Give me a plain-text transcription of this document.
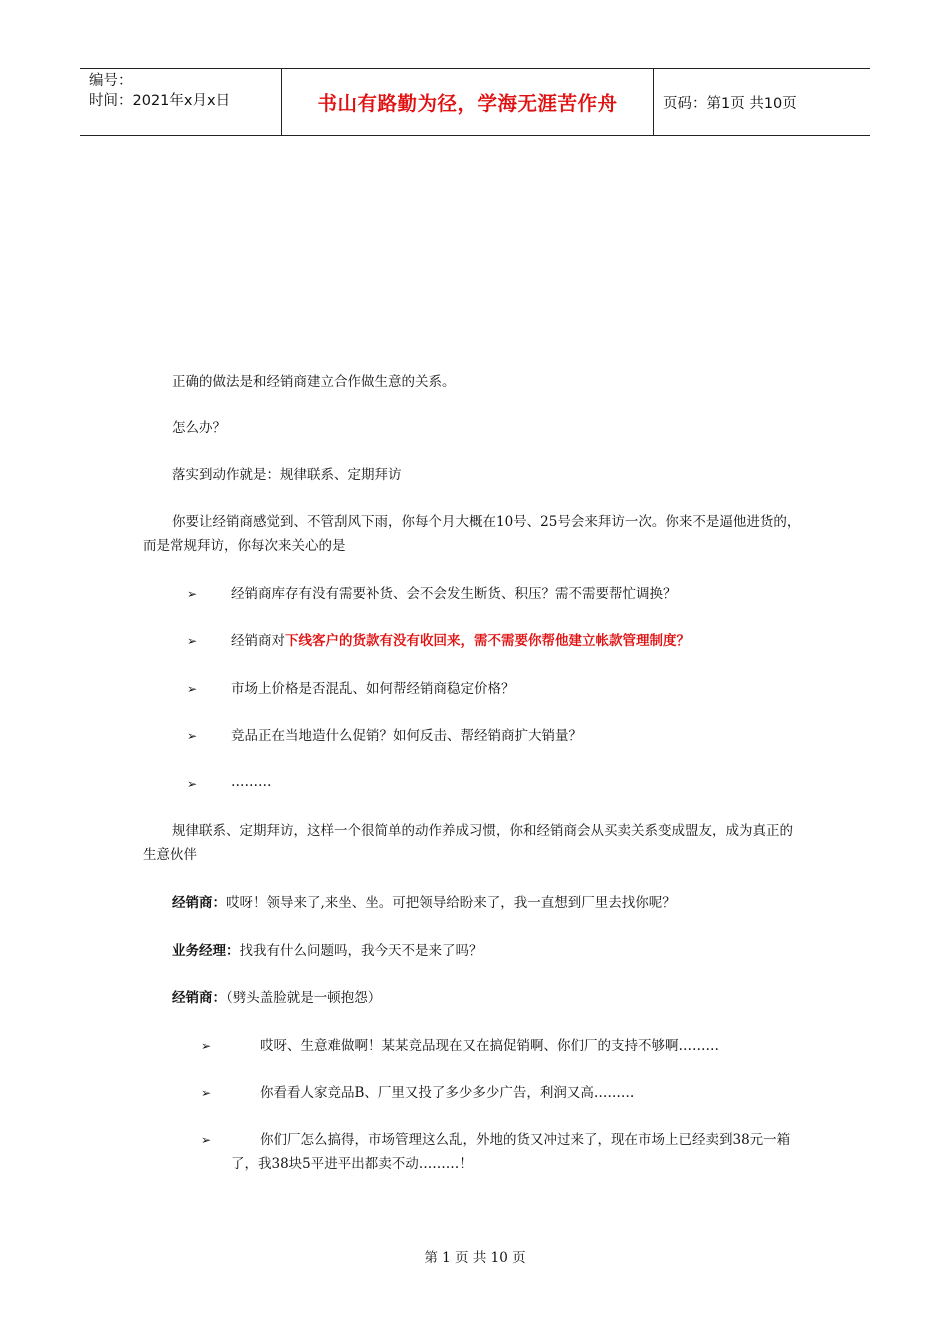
编号：
时间：2021年x月x日	书山有路勤为径，学海无涯苦作舟	页码：第1页 共10页

正确的做法是和经销商建立合作做生意的关系。

怎么办？

落实到动作就是：规律联系、定期拜访

你要让经销商感觉到、不管刮风下雨，你每个月大概在10号、25号会来拜访一次。你来不是逼他进货的，而是常规拜访，你每次来关心的是

➢	经销商库存有没有需要补货、会不会发生断货、积压？需不需要帮忙调换？
➢	经销商对下线客户的货款有没有收回来，需不需要你帮他建立帐款管理制度？
➢	市场上价格是否混乱、如何帮经销商稳定价格？
➢	竞品正在当地造什么促销？如何反击、帮经销商扩大销量？
➢	………

规律联系、定期拜访，这样一个很简单的动作养成习惯，你和经销商会从买卖关系变成盟友，成为真正的生意伙伴

经销商：哎呀！领导来了,来坐、坐。可把领导给盼来了，我一直想到厂里去找你呢？

业务经理：找我有什么问题吗，我今天不是来了吗？

经销商：（劈头盖脸就是一顿抱怨）

➢	哎呀、生意难做啊！某某竞品现在又在搞促销啊、你们厂的支持不够啊………
➢	你看看人家竞品B、厂里又投了多少多少广告，利润又高………
➢	你们厂怎么搞得，市场管理这么乱，外地的货又冲过来了，现在市场上已经卖到38元一箱了，我38块5平进平出都卖不动………！
第 1 页 共 10 页
